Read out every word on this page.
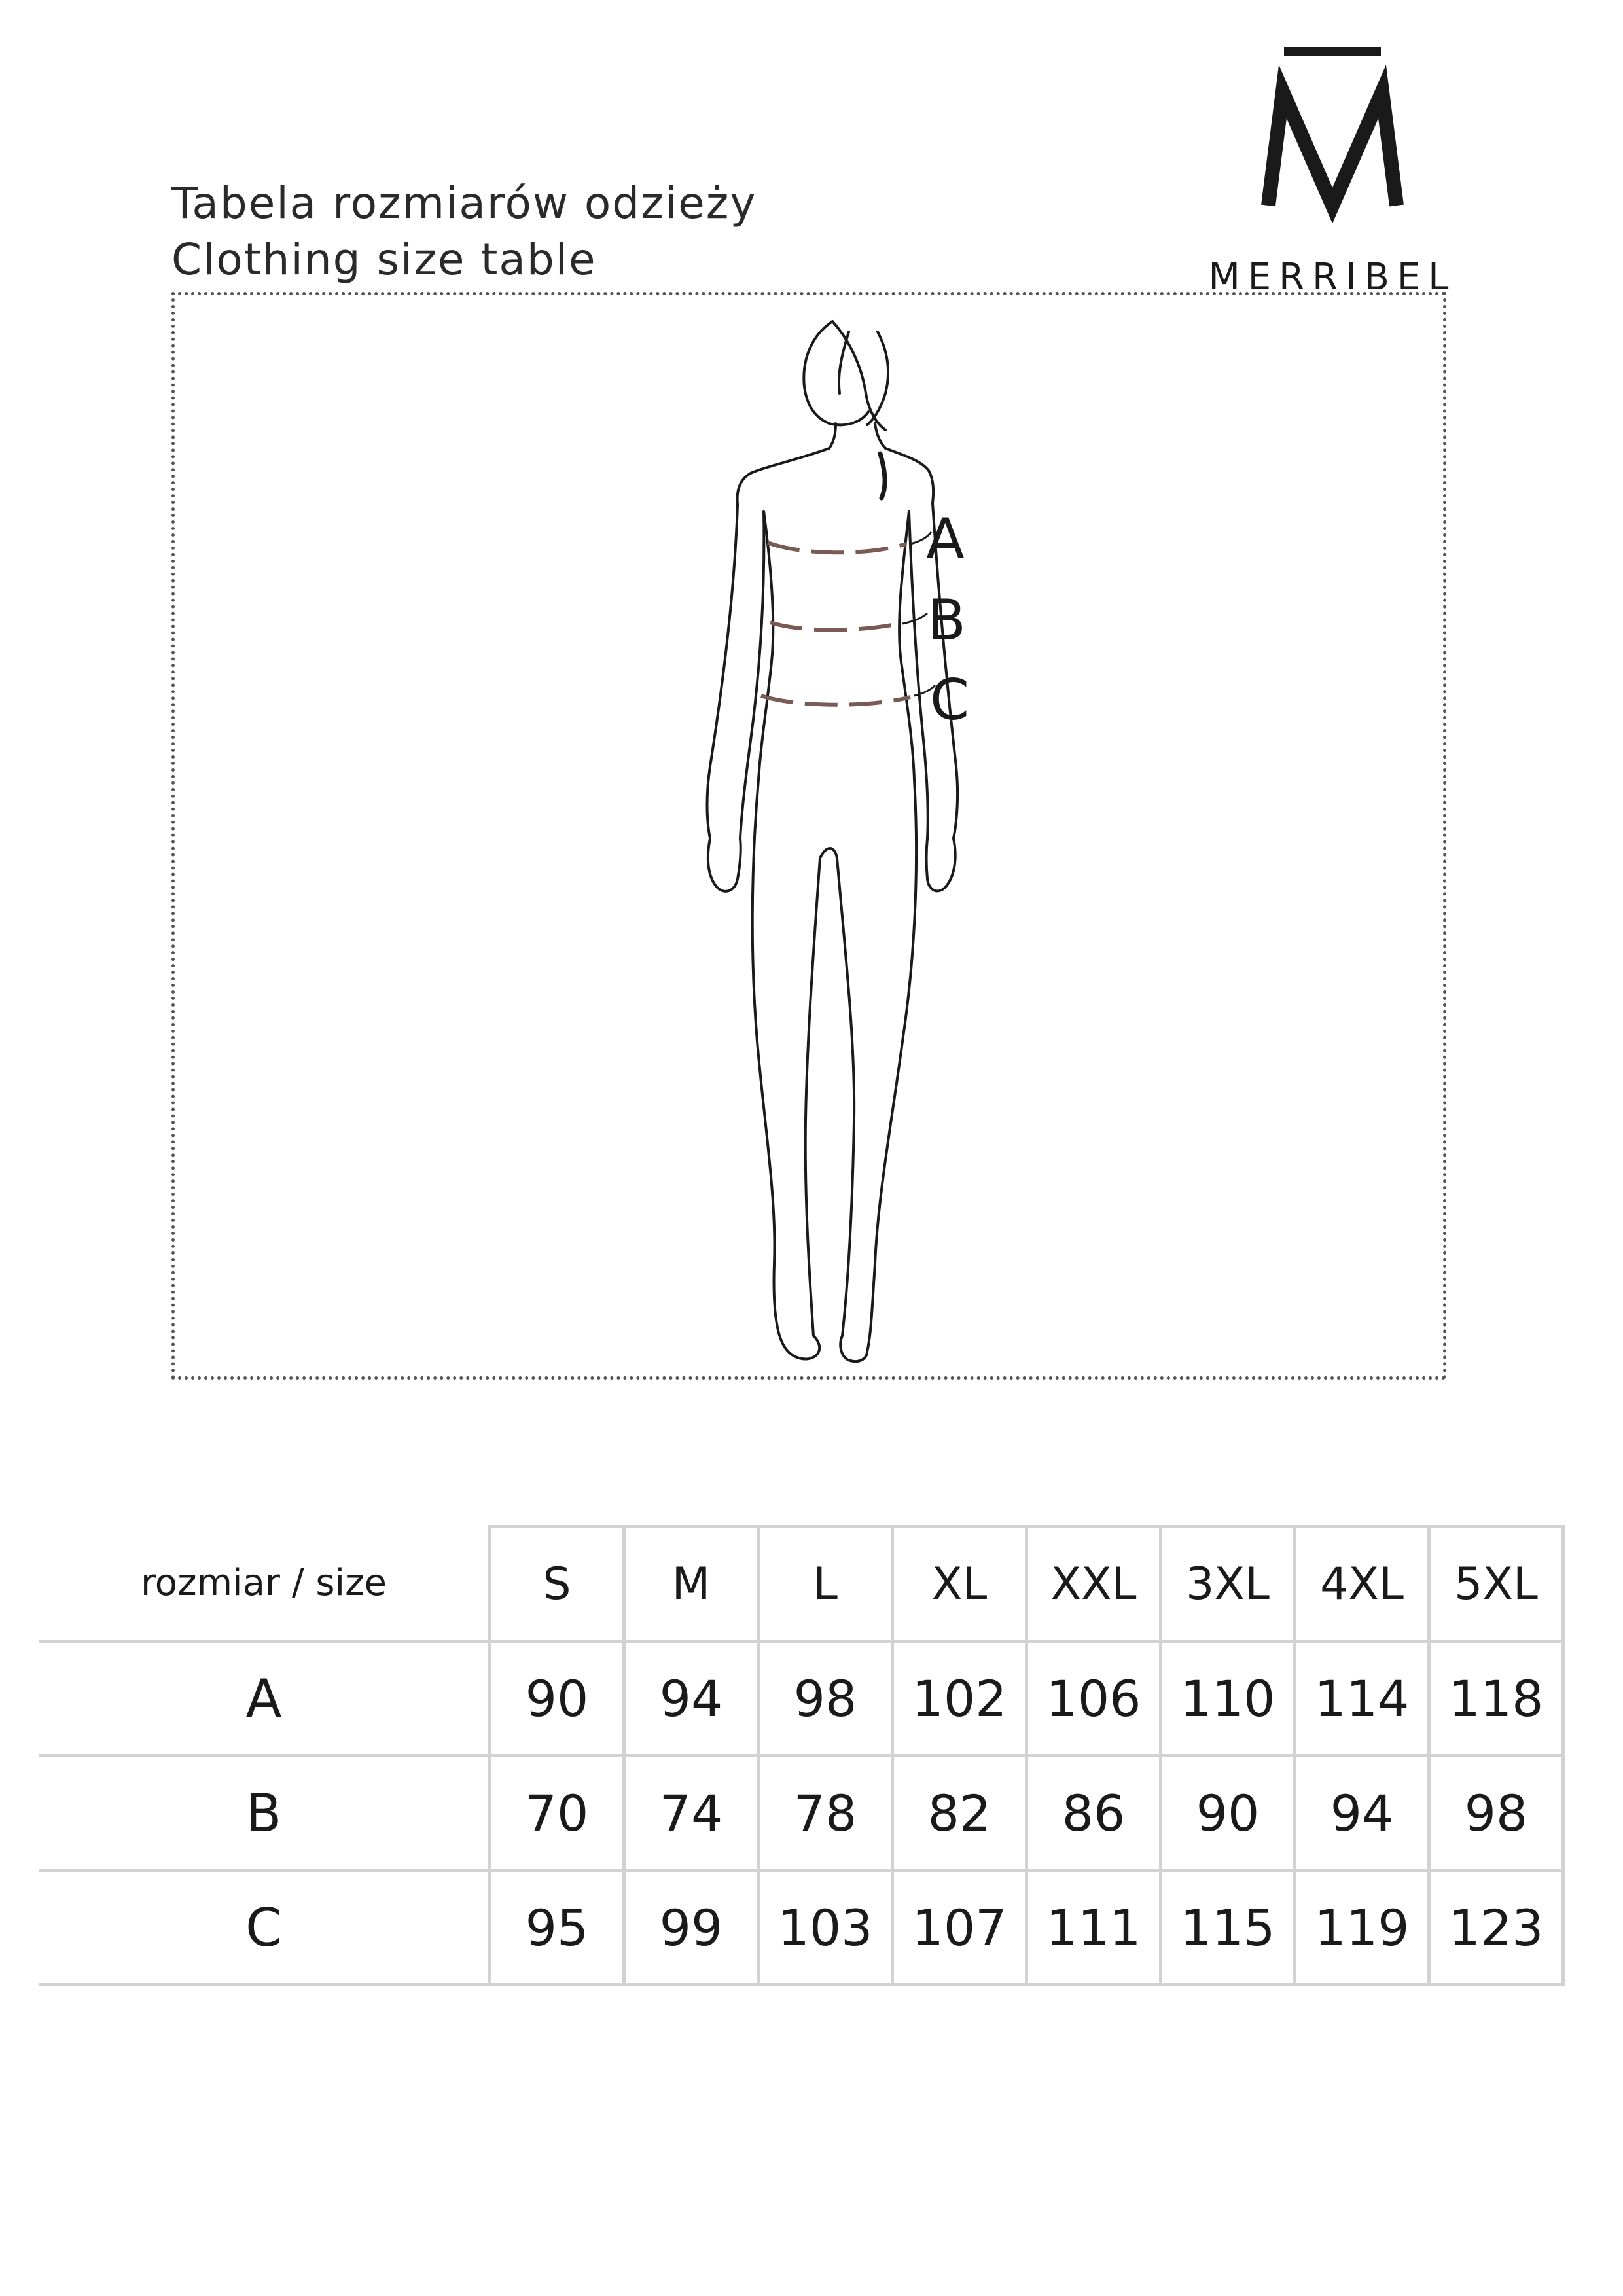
Tabela rozmiarów odzieży
Clothing size table	MERRIBEL
A
B
C
rozmiar / size	S	M	L	XL	XXL	3XL	4XL	5XL
A	90	94	98	102	106	110	114	118
B	70	74	78	82	86	90	94	98
C	95	99	103	107	111	115	119	123
